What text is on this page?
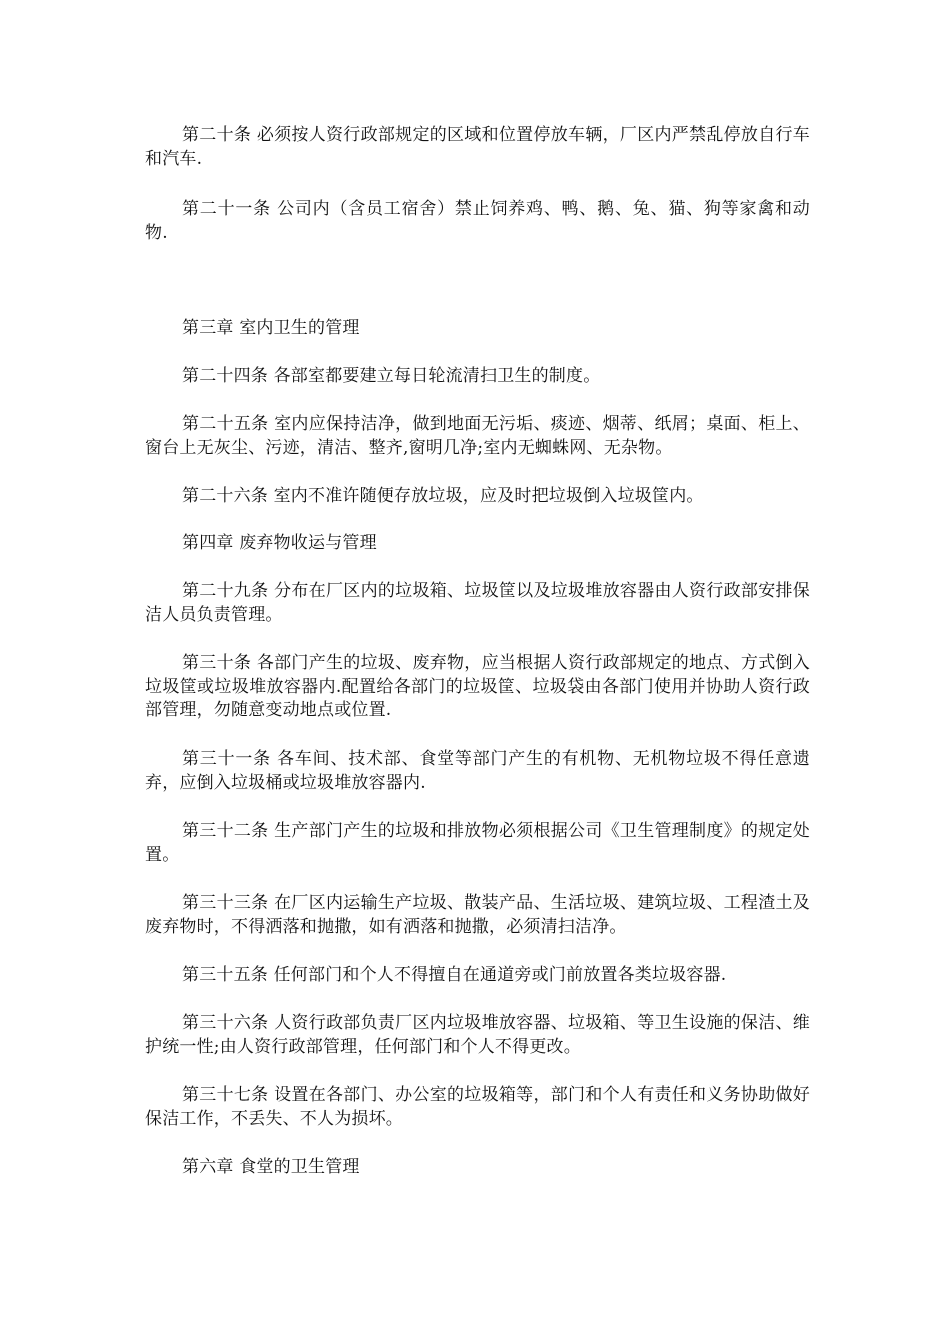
第二十条 必须按人资行政部规定的区域和位置停放车辆，厂区内严禁乱停放自行车和汽车.

第二十一条 公司内（含员工宿舍）禁止饲养鸡、鸭、鹅、兔、猫、狗等家禽和动物.

第三章 室内卫生的管理

第二十四条 各部室都要建立每日轮流清扫卫生的制度。

第二十五条 室内应保持洁净，做到地面无污垢、痰迹、烟蒂、纸屑；桌面、柜上、窗台上无灰尘、污迹，清洁、整齐,窗明几净;室内无蜘蛛网、无杂物。

第二十六条 室内不准许随便存放垃圾，应及时把垃圾倒入垃圾筐内。

第四章 废弃物收运与管理

第二十九条 分布在厂区内的垃圾箱、垃圾筐以及垃圾堆放容器由人资行政部安排保洁人员负责管理。

第三十条 各部门产生的垃圾、废弃物，应当根据人资行政部规定的地点、方式倒入垃圾筐或垃圾堆放容器内.配置给各部门的垃圾筐、垃圾袋由各部门使用并协助人资行政部管理，勿随意变动地点或位置.

第三十一条 各车间、技术部、食堂等部门产生的有机物、无机物垃圾不得任意遗弃，应倒入垃圾桶或垃圾堆放容器内.

第三十二条 生产部门产生的垃圾和排放物必须根据公司《卫生管理制度》的规定处置。

第三十三条 在厂区内运输生产垃圾、散装产品、生活垃圾、建筑垃圾、工程渣土及废弃物时，不得洒落和抛撒，如有洒落和抛撒，必须清扫洁净。

第三十五条 任何部门和个人不得擅自在通道旁或门前放置各类垃圾容器.

第三十六条 人资行政部负责厂区内垃圾堆放容器、垃圾箱、等卫生设施的保洁、维护统一性;由人资行政部管理，任何部门和个人不得更改。

第三十七条 设置在各部门、办公室的垃圾箱等，部门和个人有责任和义务协助做好保洁工作，不丢失、不人为损坏。

第六章 食堂的卫生管理
